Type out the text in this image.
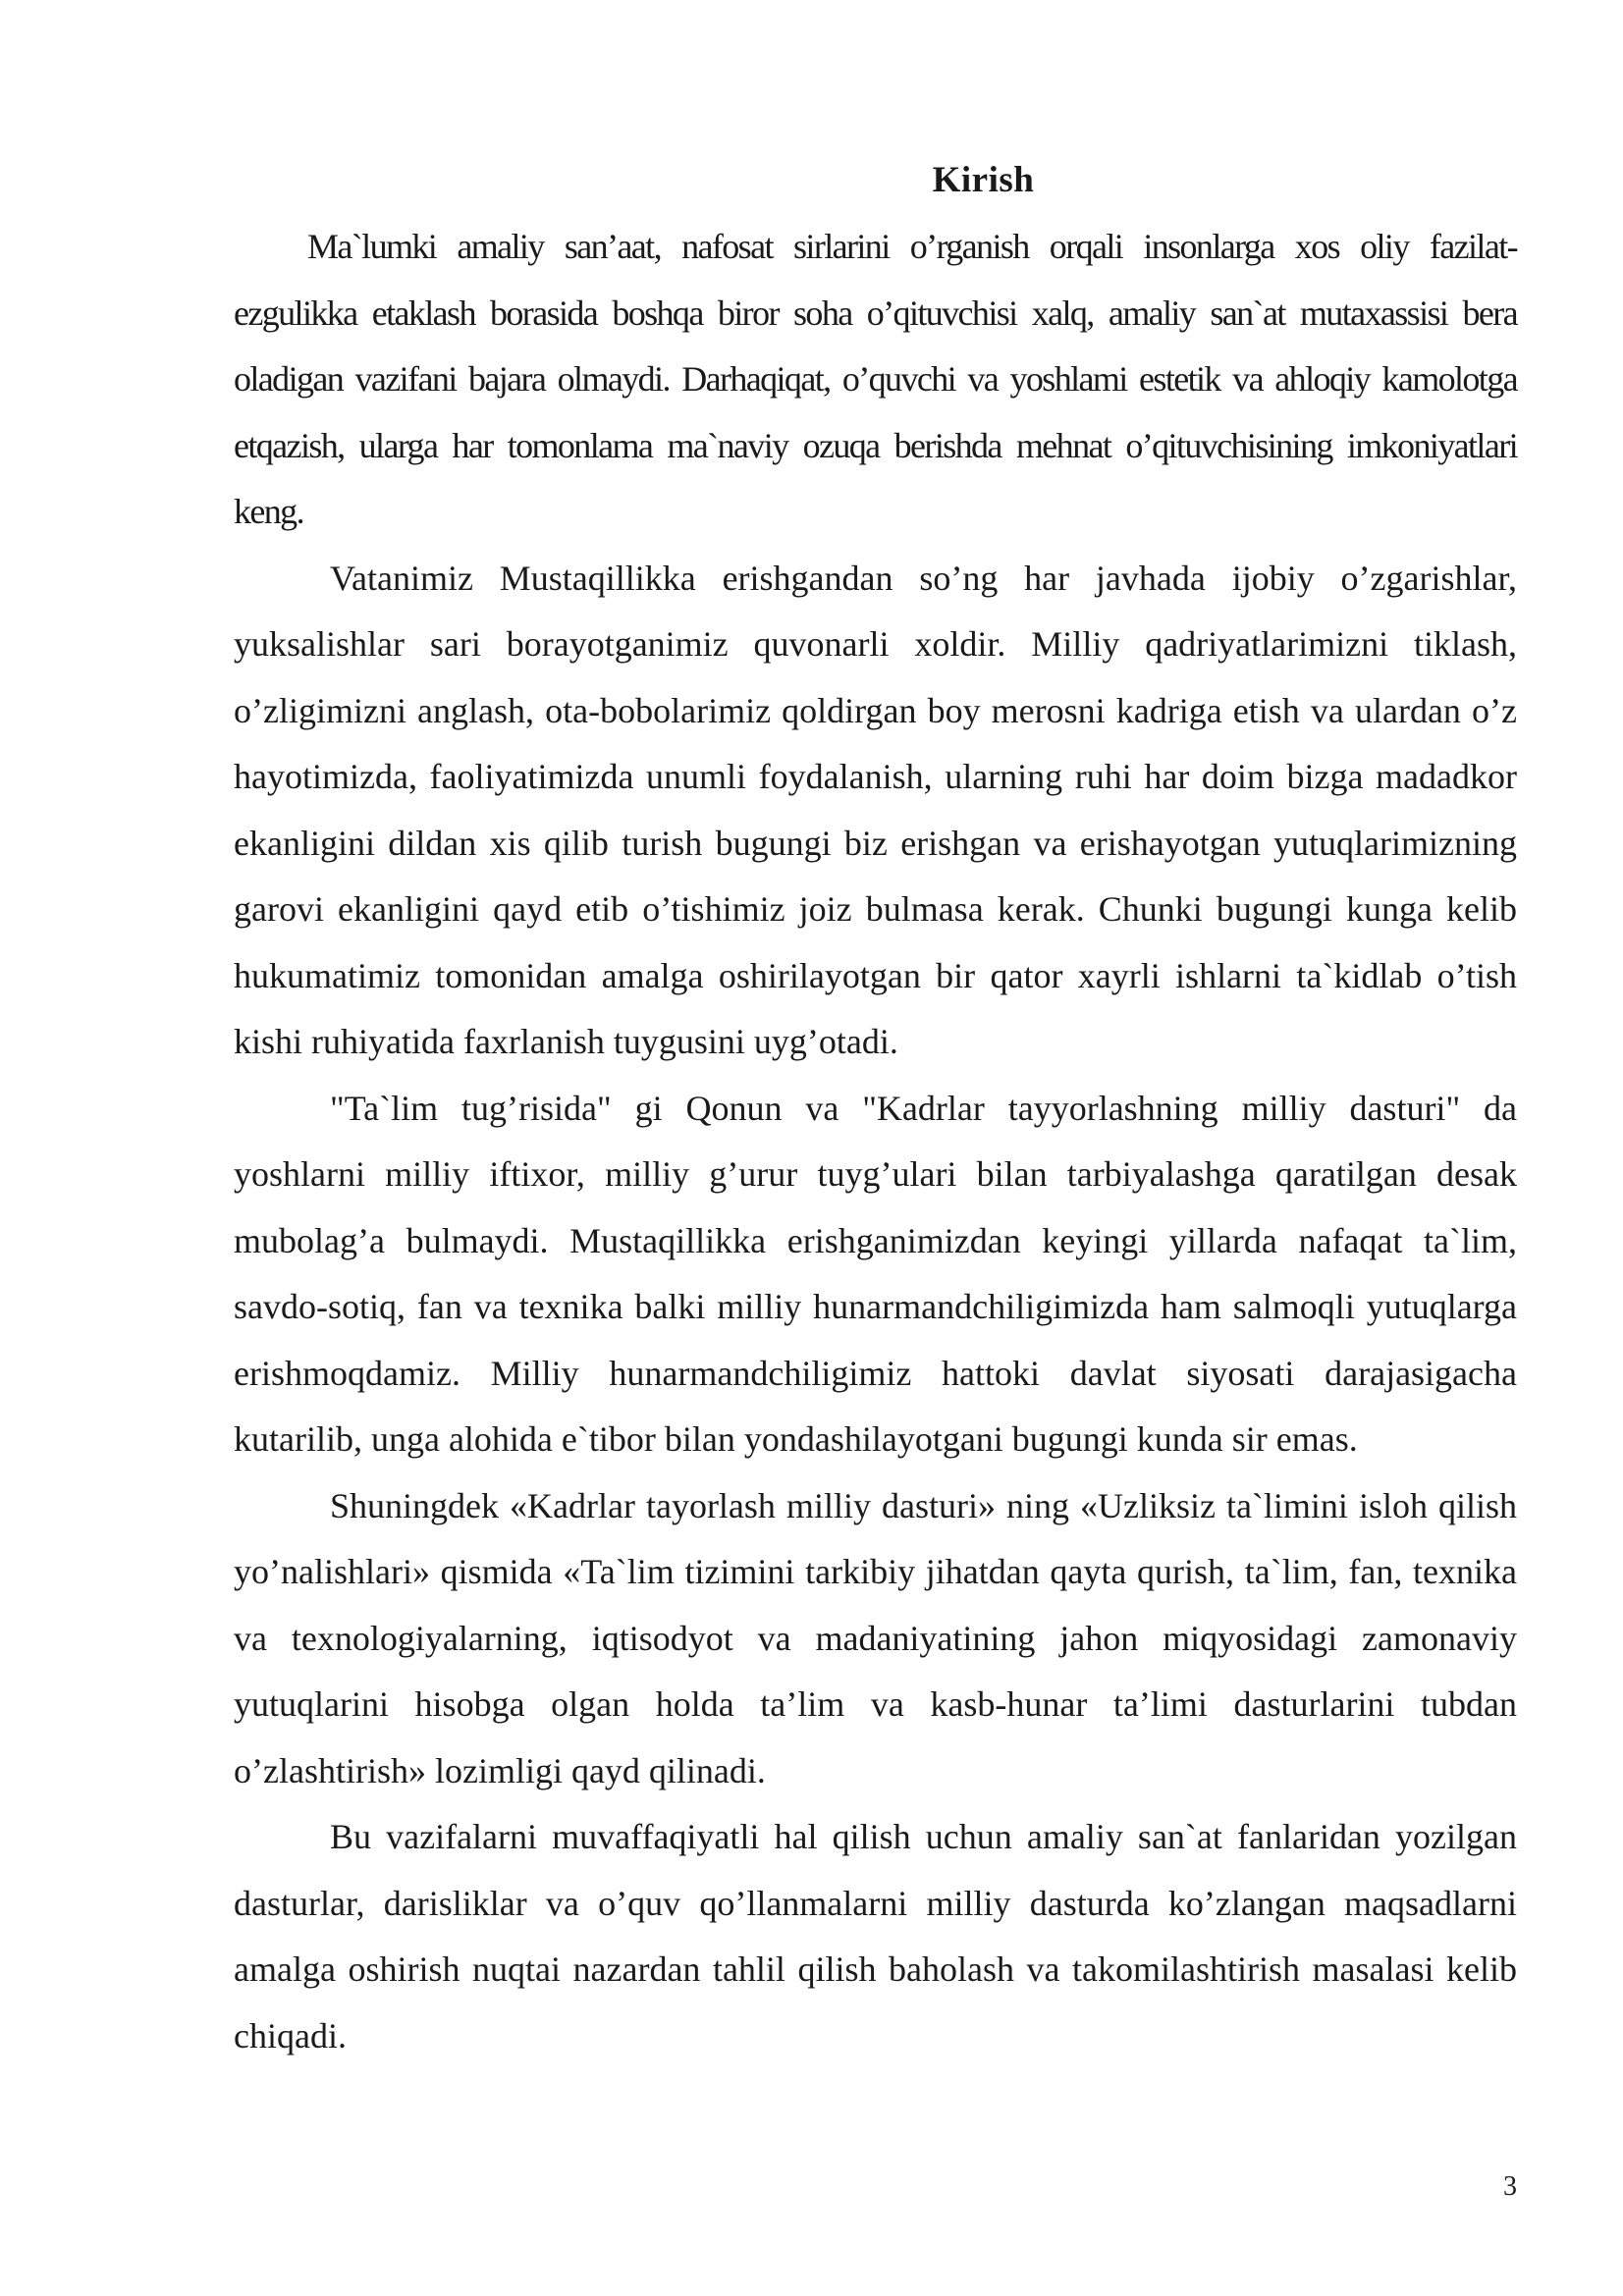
Kirish

Ma`lumki amaliy san’aat, nafosat sirlarini o’rganish orqali insonlarga xos oliy fazilat-ezgulikka etaklash borasida boshqa biror soha o’qituvchisi xalq, amaliy san`at mutaxassisi bera oladigan vazifani bajara olmaydi. Darhaqiqat, o’quvchi va yoshlami estetik va ahloqiy kamolotga etqazish, ularga har tomonlama ma`naviy ozuqa berishda mehnat o’qituvchisining imkoniyatlari keng.

Vatanimiz Mustaqillikka erishgandan so’ng har javhada ijobiy o’zgarishlar, yuksalishlar sari borayotganimiz quvonarli xoldir. Milliy qadriyatlarimizni tiklash, o’zligimizni anglash, ota-bobolarimiz qoldirgan boy merosni kadriga etish va ulardan o’z hayotimizda, faoliyatimizda unumli foydalanish, ularning ruhi har doim bizga madadkor ekanligini dildan xis qilib turish bugungi biz erishgan va erishayotgan yutuqlarimizning garovi ekanligini qayd etib o’tishimiz joiz bulmasa kerak. Chunki bugungi kunga kelib hukumatimiz tomonidan amalga oshirilayotgan bir qator xayrli ishlarni ta`kidlab o’tish kishi ruhiyatida faxrlanish tuygusini uyg’otadi.

"Ta`lim tug’risida" gi Qonun va "Kadrlar tayyorlashning milliy dasturi" da yoshlarni milliy iftixor, milliy g’urur tuyg’ulari bilan tarbiyalashga qaratilgan desak mubolag’a bulmaydi. Mustaqillikka erishganimizdan keyingi yillarda nafaqat ta`lim, savdo-sotiq, fan va texnika balki milliy hunarmandchiligimizda ham salmoqli yutuqlarga erishmoqdamiz. Milliy hunarmandchiligimiz hattoki davlat siyosati darajasigacha kutarilib, unga alohida e`tibor bilan yondashilayotgani bugungi kunda sir emas.

Shuningdek «Kadrlar tayorlash milliy dasturi» ning «Uzliksiz ta`limini isloh qilish yo’nalishlari» qismida «Ta`lim tizimini tarkibiy jihatdan qayta qurish, ta`lim, fan, texnika va texnologiyalarning, iqtisodyot va madaniyatining jahon miqyosidagi zamonaviy yutuqlarini hisobga olgan holda ta’lim va kasb-hunar ta’limi dasturlarini tubdan o’zlashtirish» lozimligi qayd qilinadi.

Bu vazifalarni muvaffaqiyatli hal qilish uchun amaliy san`at fanlaridan yozilgan dasturlar, darisliklar va o’quv qo’llanmalarni milliy dasturda ko’zlangan maqsadlarni amalga oshirish nuqtai nazardan tahlil qilish baholash va takomilashtirish masalasi kelib chiqadi.

3
